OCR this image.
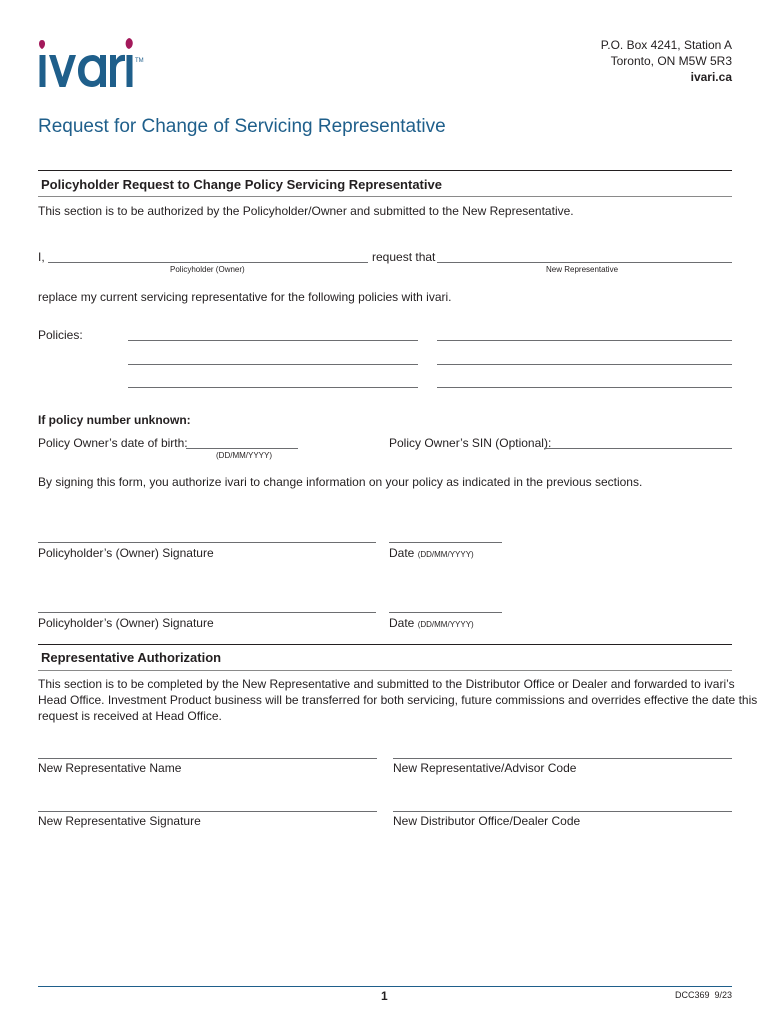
TM
P.O. Box 4241, Station A
Toronto, ON M5W 5R3
ivari.ca
Request for Change of Servicing Representative
Policyholder Request to Change Policy Servicing Representative
This section is to be authorized by the Policyholder/Owner and submitted to the New Representative.
I,
Policyholder (Owner)
request that
New Representative
replace my current servicing representative for the following policies with ivari.
Policies:
If policy number unknown:
Policy Owner’s date of birth:
(DD/MM/YYYY)
Policy Owner’s SIN (Optional):
By signing this form, you authorize ivari to change information on your policy as indicated in the previous sections.
Policyholder’s (Owner) Signature	Date (DD/MM/YYYY)
Policyholder’s (Owner) Signature	Date (DD/MM/YYYY)
Representative Authorization
This section is to be completed by the New Representative and submitted to the Distributor Office or Dealer and forwarded to ivari’s
Head Office. Investment Product business will be transferred for both servicing, future commissions and overrides effective the date this
request is received at Head Office.
New Representative Name	New Representative/Advisor Code
New Representative Signature	New Distributor Office/Dealer Code
1	DCC369  9/23
